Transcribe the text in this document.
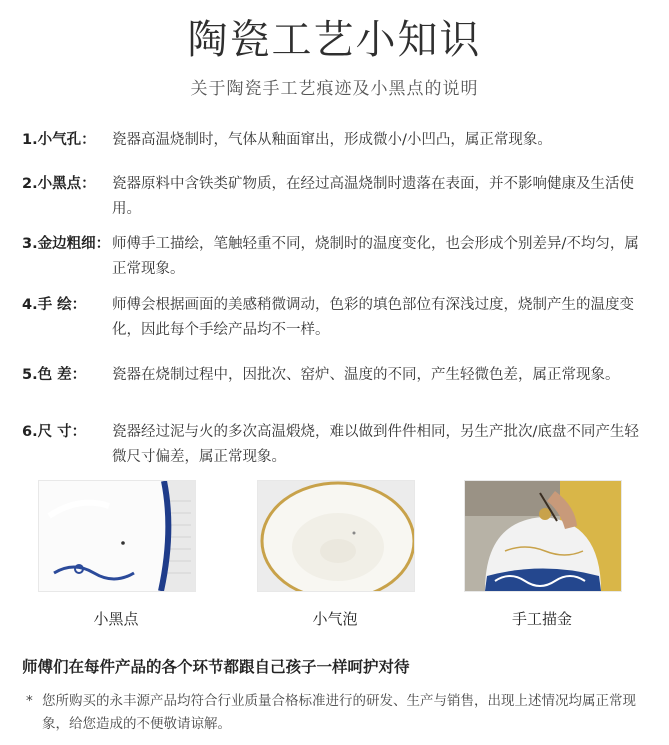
陶瓷工艺小知识
关于陶瓷手工艺痕迹及小黑点的说明
1.小气孔： 瓷器高温烧制时，气体从釉面窜出，形成微小/小凹凸，属正常现象。
2.小黑点： 瓷器原料中含铁类矿物质，在经过高温烧制时遗落在表面，并不影响健康及生活使用。
3.金边粗细： 师傅手工描绘，笔触轻重不同，烧制时的温度变化，也会形成个别差异/不均匀，属正常现象。
4.手 绘： 师傅会根据画面的美感稍微调动，色彩的填色部位有深浅过度，烧制产生的温度变化，因此每个手绘产品均不一样。
5.色 差： 瓷器在烧制过程中，因批次、窑炉、温度的不同，产生轻微色差，属正常现象。
6.尺 寸： 瓷器经过泥与火的多次高温煅烧，难以做到件件相同，另生产批次/底盘不同产生轻微尺寸偏差，属正常现象。
小黑点	小气泡	手工描金
师傅们在每件产品的各个环节都跟自己孩子一样呵护对待
* 您所购买的永丰源产品均符合行业质量合格标准进行的研发、生产与销售，出现上述情况均属正常现象，给您造成的不便敬请谅解。
